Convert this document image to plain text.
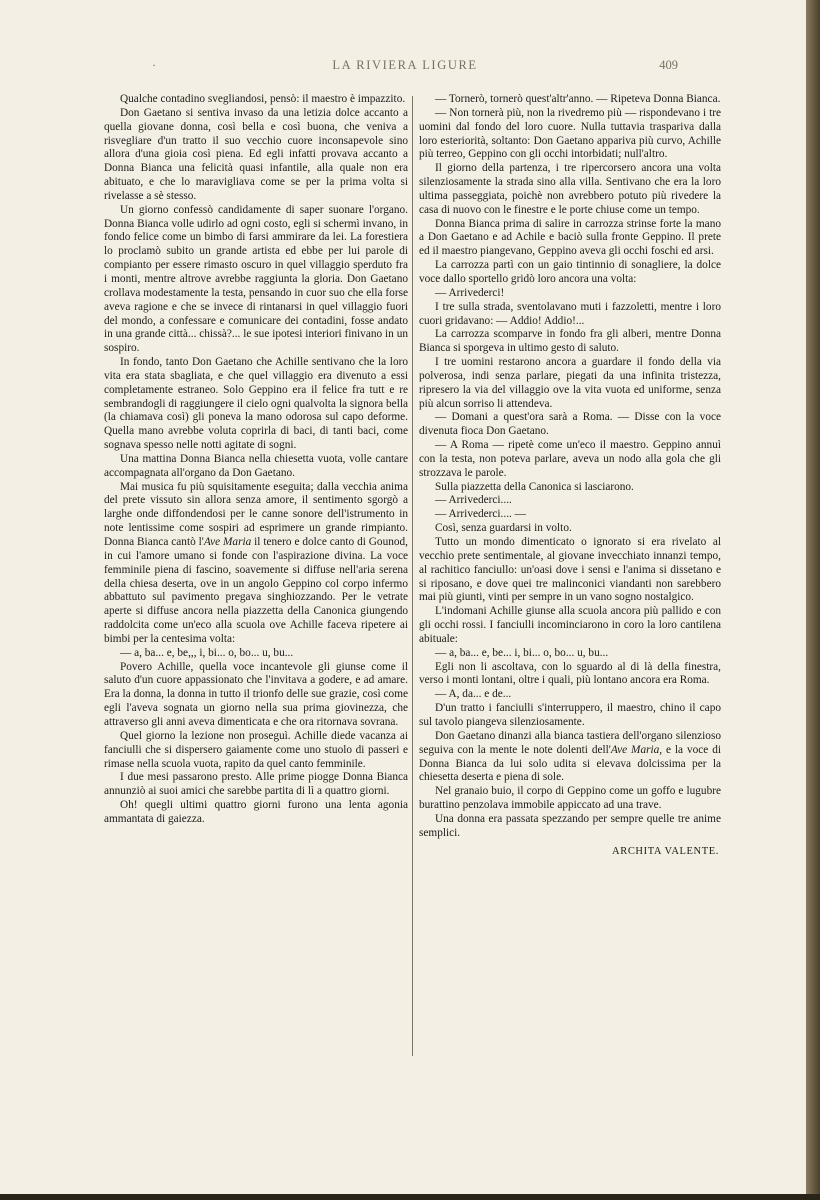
·	LA RIVIERA LIGURE	409

Qualche contadino svegliandosi, pensò: il maestro è impazzito.

Don Gaetano si sentiva invaso da una letizia dolce accanto a quella giovane donna, così bella e così buona, che veniva a risvegliare d'un tratto il suo vecchio cuore inconsapevole sino allora d'una gioia così piena. Ed egli infatti provava accanto a Donna Bianca una felicità quasi infantile, alla quale non era abituato, e che lo maravigliava come se per la prima volta si rivelasse a sè stesso.

Un giorno confessò candidamente di saper suonare l'organo. Donna Bianca volle udirlo ad ogni costo, egli si schermì invano, in fondo felice come un bimbo di farsi ammirare da lei. La forestiera lo proclamò subito un grande artista ed ebbe per lui parole di compianto per essere rimasto oscuro in quel villaggio sperduto fra i monti, mentre altrove avrebbe raggiunta la gloria. Don Gaetano crollava modestamente la testa, pensando in cuor suo che ella forse aveva ragione e che se invece di rintanarsi in quel villaggio fuori del mondo, a confessare e comunicare dei contadini, fosse andato in una grande città... chissà?... le sue ipotesi interiori finivano in un sospiro.

In fondo, tanto Don Gaetano che Achille sentivano che la loro vita era stata sbagliata, e che quel villaggio era divenuto a essi completamente estraneo. Solo Geppino era il felice fra tutt e re sembrandogli di raggiungere il cielo ogni qualvolta la signora bella (la chiamava così) gli poneva la mano odorosa sul capo deforme. Quella mano avrebbe voluta coprirla di baci, di tanti baci, come sognava spesso nelle notti agitate di sogni.

Una mattina Donna Bianca nella chiesetta vuota, volle cantare accompagnata all'organo da Don Gaetano.

Mai musica fu più squisitamente eseguita; dalla vecchia anima del prete vissuto sin allora senza amore, il sentimento sgorgò a larghe onde diffondendosi per le canne sonore dell'istrumento in note lentissime come sospiri ad esprimere un grande rimpianto. Donna Bianca cantò l'Ave Maria il tenero e dolce canto di Gounod, in cui l'amore umano si fonde con l'aspirazione divina. La voce femminile piena di fascino, soavemente si diffuse nell'aria serena della chiesa deserta, ove in un angolo Geppino col corpo infermo abbattuto sul pavimento pregava singhiozzando. Per le vetrate aperte si diffuse ancora nella piazzetta della Canonica giungendo raddolcita come un'eco alla scuola ove Achille faceva ripetere ai bimbi per la centesima volta:

— a, ba... e, be,,, i, bi... o, bo... u, bu...

Povero Achille, quella voce incantevole gli giunse come il saluto d'un cuore appassionato che l'invitava a godere, e ad amare. Era la donna, la donna in tutto il trionfo delle sue grazie, così come egli l'aveva sognata un giorno nella sua prima giovinezza, che attraverso gli anni aveva dimenticata e che ora ritornava sovrana.

Quel giorno la lezione non proseguì. Achille diede vacanza ai fanciulli che si dispersero gaiamente come uno stuolo di passeri e rimase nella scuola vuota, rapito da quel canto femminile.

I due mesi passarono presto. Alle prime piogge Donna Bianca annunziò ai suoi amici che sarebbe partita di lì a quattro giorni.

Oh! quegli ultimi quattro giorni furono una lenta agonia ammantata di gaiezza.

— Tornerò, tornerò quest'altr'anno. — Ripeteva Donna Bianca.

— Non tornerà più, non la rivedremo più — rispondevano i tre uomini dal fondo del loro cuore. Nulla tuttavia traspariva dalla loro esteriorità, soltanto: Don Gaetano appariva più curvo, Achille più terreo, Geppino con gli occhi intorbidati; null'altro.

Il giorno della partenza, i tre ripercorsero ancora una volta silenziosamente la strada sino alla villa. Sentivano che era la loro ultima passeggiata, poichè non avrebbero potuto più rivedere la casa di nuovo con le finestre e le porte chiuse come un tempo.

Donna Bianca prima di salire in carrozza strinse forte la mano a Don Gaetano e ad Achile e baciò sulla fronte Geppino. Il prete ed il maestro piangevano, Geppino aveva gli occhi foschi ed arsi.

La carrozza partì con un gaio tintinnio di sonagliere, la dolce voce dallo sportello gridò loro ancora una volta:

— Arrivederci!

I tre sulla strada, sventolavano muti i fazzoletti, mentre i loro cuori gridavano: — Addio! Addio!...

La carrozza scomparve in fondo fra gli alberi, mentre Donna Bianca si sporgeva in ultimo gesto di saluto.

I tre uomini restarono ancora a guardare il fondo della via polverosa, indi senza parlare, piegati da una infinita tristezza, ripresero la via del villaggio ove la vita vuota ed uniforme, senza più alcun sorriso li attendeva.

— Domani a quest'ora sarà a Roma. — Disse con la voce divenuta fioca Don Gaetano.

— A Roma — ripetè come un'eco il maestro. Geppino annuì con la testa, non poteva parlare, aveva un nodo alla gola che gli strozzava le parole.

Sulla piazzetta della Canonica si lasciarono.

— Arrivederci....

— Arrivederci.... —

Così, senza guardarsi in volto.

Tutto un mondo dimenticato o ignorato si era rivelato al vecchio prete sentimentale, al giovane invecchiato innanzi tempo, al rachitico fanciullo: un'oasi dove i sensi e l'anima si dissetano e si riposano, e dove quei tre malinconici viandanti non sarebbero mai più giunti, vinti per sempre in un vano sogno nostalgico.

L'indomani Achille giunse alla scuola ancora più pallido e con gli occhi rossi. I fanciulli incominciarono in coro la loro cantilena abituale:

— a, ba... e, be... i, bi... o, bo... u, bu...

Egli non li ascoltava, con lo sguardo al di là della finestra, verso i monti lontani, oltre i quali, più lontano ancora era Roma.

— A, da... e de...

D'un tratto i fanciulli s'interruppero, il maestro, chino il capo sul tavolo piangeva silenziosamente.

Don Gaetano dinanzi alla bianca tastiera dell'organo silenzioso seguiva con la mente le note dolenti dell'Ave Maria, e la voce di Donna Bianca da lui solo udita si elevava dolcissima per la chiesetta deserta e piena di sole.

Nel granaio buio, il corpo di Geppino come un goffo e lugubre burattino penzolava immobile appiccato ad una trave.

Una donna era passata spezzando per sempre quelle tre anime semplici.

ARCHITA VALENTE.
